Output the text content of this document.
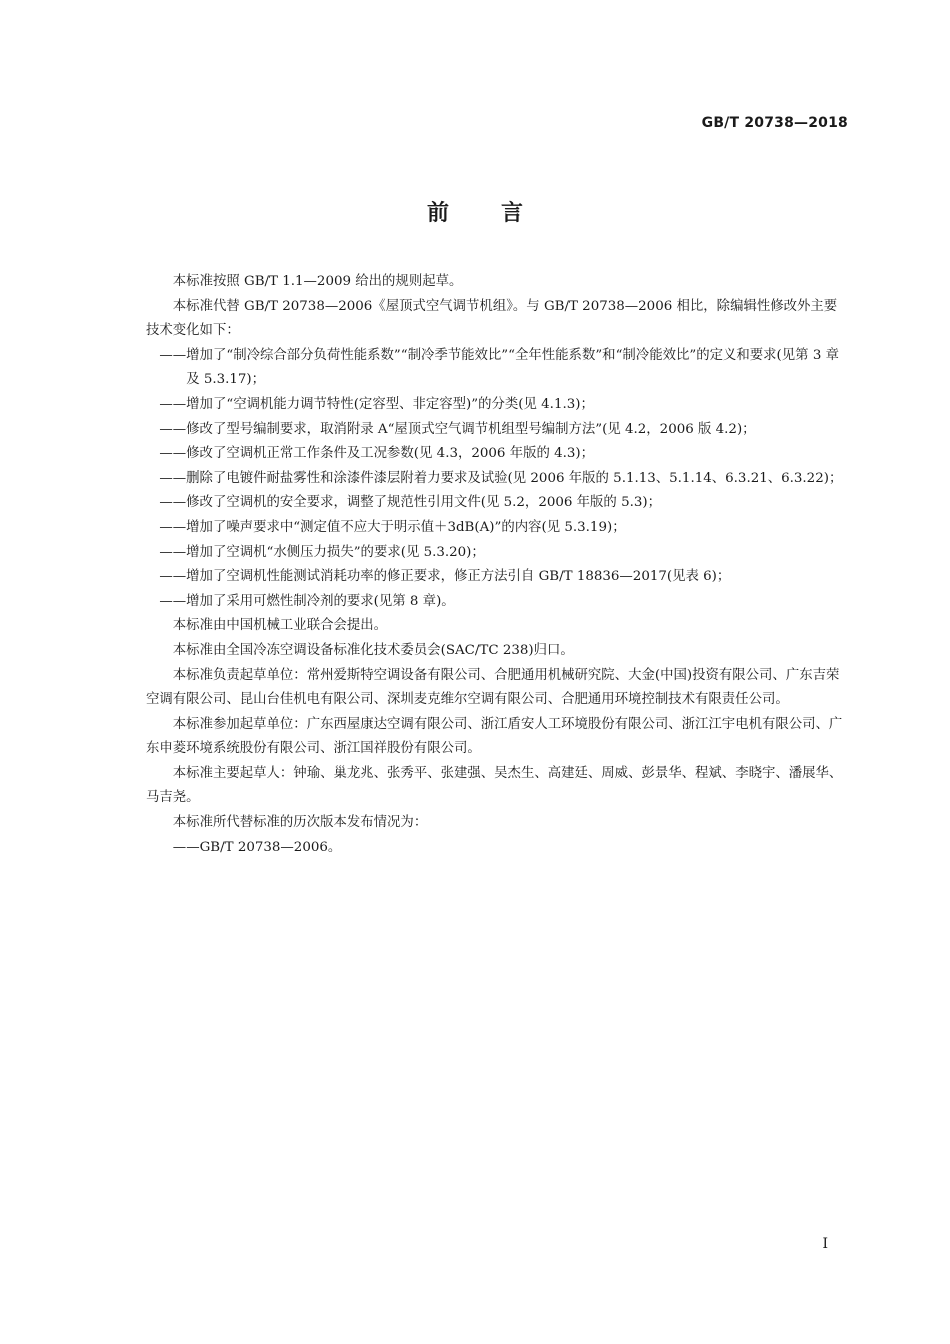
GB/T 20738—2018
前 言

本标准按照 GB/T 1.1—2009 给出的规则起草。

本标准代替 GB/T 20738—2006《屋顶式空气调节机组》。与 GB/T 20738—2006 相比，除编辑性修改外主要技术变化如下：

——增加了“制冷综合部分负荷性能系数”“制冷季节能效比”“全年性能系数”和“制冷能效比”的定义和要求(见第 3 章及 5.3.17)；

——增加了“空调机能力调节特性(定容型、非定容型)”的分类(见 4.1.3)；

——修改了型号编制要求，取消附录 A“屋顶式空气调节机组型号编制方法”(见 4.2，2006 版 4.2)；

——修改了空调机正常工作条件及工况参数(见 4.3，2006 年版的 4.3)；

——删除了电镀件耐盐雾性和涂漆件漆层附着力要求及试验(见 2006 年版的 5.1.13、5.1.14、6.3.21、6.3.22)；

——修改了空调机的安全要求，调整了规范性引用文件(见 5.2，2006 年版的 5.3)；

——增加了噪声要求中“测定值不应大于明示值＋3dB(A)”的内容(见 5.3.19)；

——增加了空调机“水侧压力损失”的要求(见 5.3.20)；

——增加了空调机性能测试消耗功率的修正要求，修正方法引自 GB/T 18836—2017(见表 6)；

——增加了采用可燃性制冷剂的要求(见第 8 章)。

本标准由中国机械工业联合会提出。

本标准由全国冷冻空调设备标准化技术委员会(SAC/TC 238)归口。

本标准负责起草单位：常州爱斯特空调设备有限公司、合肥通用机械研究院、大金(中国)投资有限公司、广东吉荣空调有限公司、昆山台佳机电有限公司、深圳麦克维尔空调有限公司、合肥通用环境控制技术有限责任公司。

本标准参加起草单位：广东西屋康达空调有限公司、浙江盾安人工环境股份有限公司、浙江江宇电机有限公司、广东申菱环境系统股份有限公司、浙江国祥股份有限公司。

本标准主要起草人：钟瑜、巢龙兆、张秀平、张建强、吴杰生、高建廷、周威、彭景华、程斌、李晓宇、潘展华、马吉尧。

本标准所代替标准的历次版本发布情况为：

——GB/T 20738—2006。

I
